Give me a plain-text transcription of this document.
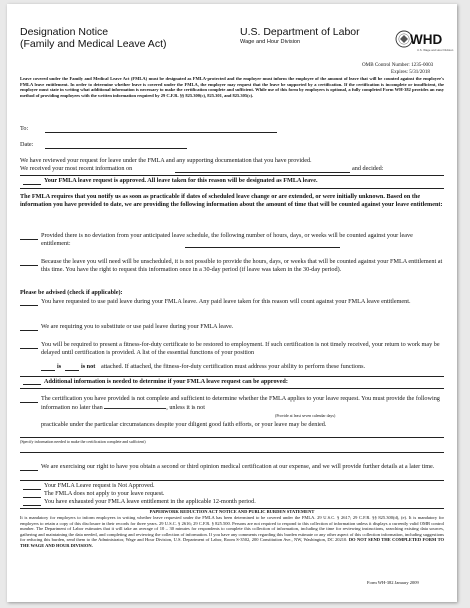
Designation Notice
(Family and Medical Leave Act)
U.S. Department of Labor
Wage and Hour Division	WHD
U.S. Wage and Hour Division
OMB Control Number: 1235-0003
Expires: 5/31/2018
Leave covered under the Family and Medical Leave Act (FMLA) must be designated as FMLA-protected and the employer must inform the employee of the amount of leave that will be counted against the employee's FMLA leave entitlement. In order to determine whether leave is covered under the FMLA, the employer may request that the leave be supported by a certification. If the certification is incomplete or insufficient, the employer must state in writing what additional information is necessary to make the certification complete and sufficient. While use of this form by employers is optional, a fully completed Form WH-382 provides an easy method of providing employees with the written information required by 29 C.F.R. §§ 825.300(c), 825.301, and 825.305(c).
To:
Date:
We have reviewed your request for leave under the FMLA and any supporting documentation that you have provided.
We received your most recent information on	and decided:
Your FMLA leave request is approved. All leave taken for this reason will be designated as FMLA leave.
The FMLA requires that you notify us as soon as practicable if dates of scheduled leave change or are extended, or were initially unknown. Based on the information you have provided to date, we are providing the following information about the amount of time that will be counted against your leave entitlement:
Provided there is no deviation from your anticipated leave schedule, the following number of hours, days, or weeks will be counted against your leave entitlement:
Because the leave you will need will be unscheduled, it is not possible to provide the hours, days, or weeks that will be counted against your FMLA entitlement at this time. You have the right to request this information once in a 30-day period (if leave was taken in the 30-day period).
Please be advised (check if applicable):
You have requested to use paid leave during your FMLA leave. Any paid leave taken for this reason will count against your FMLA leave entitlement.
We are requiring you to substitute or use paid leave during your FMLA leave.
You will be required to present a fitness-for-duty certificate to be restored to employment. If such certification is not timely received, your return to work may be delayed until certification is provided. A list of the essential functions of your position
is	is not attached. If attached, the fitness-for-duty certification must address your ability to perform these functions.
Additional information is needed to determine if your FMLA leave request can be approved:
The certification you have provided is not complete and sufficient to determine whether the FMLA applies to your leave request. You must provide the following information no later than	, unless it is not
(Provide at least seven calendar days)
practicable under the particular circumstances despite your diligent good faith efforts, or your leave may be denied.
(Specify information needed to make the certification complete and sufficient)
We are exercising our right to have you obtain a second or third opinion medical certification at our expense, and we will provide further details at a later time.
Your FMLA Leave request is Not Approved.
The FMLA does not apply to your leave request.
You have exhausted your FMLA leave entitlement in the applicable 12-month period.
PAPERWORK REDUCTION ACT NOTICE AND PUBLIC BURDEN STATEMENT
It is mandatory for employers to inform employees in writing whether leave requested under the FMLA has been determined to be covered under the FMLA. 29 U.S.C. § 2617; 29 C.F.R. §§ 825.300(d), (e). It is mandatory for employers to retain a copy of this disclosure in their records for three years. 29 U.S.C. § 2616; 29 C.F.R. § 825.500. Persons are not required to respond to this collection of information unless it displays a currently valid OMB control number. The Department of Labor estimates that it will take an average of 10 – 30 minutes for respondents to complete this collection of information, including the time for reviewing instructions, searching existing data sources, gathering and maintaining the data needed, and completing and reviewing the collection of information. If you have any comments regarding this burden estimate or any other aspect of this collection information, including suggestions for reducing this burden, send them to the Administrator, Wage and Hour Division, U.S. Department of Labor, Room S-3502, 200 Constitution Ave., NW, Washington, DC 20210. DO NOT SEND THE COMPLETED FORM TO THE WAGE AND HOUR DIVISION.
Form WH-382 January 2009
